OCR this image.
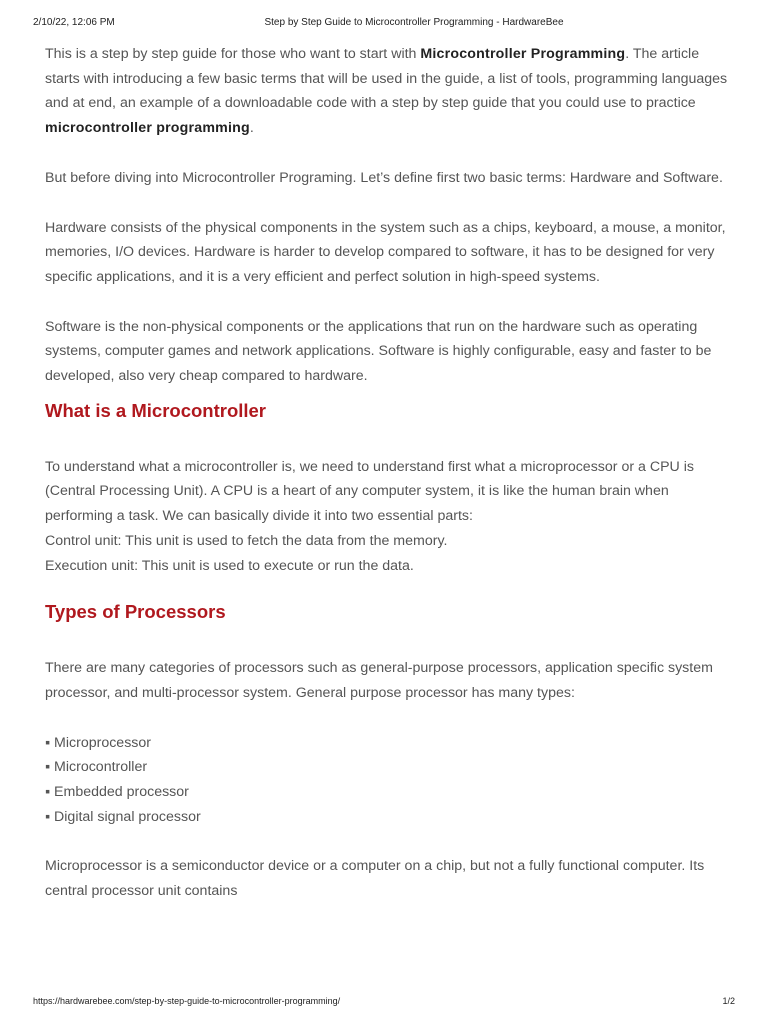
2/10/22, 12:06 PM	Step by Step Guide to Microcontroller Programming - HardwareBee

This is a step by step guide for those who want to start with Microcontroller Programming. The article starts with introducing a few basic terms that will be used in the guide, a list of tools, programming languages and at end, an example of a downloadable code with a step by step guide that you could use to practice microcontroller programming.

But before diving into Microcontroller Programing. Let’s define first two basic terms: Hardware and Software.

Hardware consists of the physical components in the system such as a chips, keyboard, a mouse, a monitor, memories, I/O devices. Hardware is harder to develop compared to software, it has to be designed for very specific applications, and it is a very efficient and perfect solution in high-speed systems.

Software is the non-physical components or the applications that run on the hardware such as operating systems, computer games and network applications. Software is highly configurable, easy and faster to be developed, also very cheap compared to hardware.

What is a Microcontroller

To understand what a microcontroller is, we need to understand first what a microprocessor or a CPU is (Central Processing Unit). A CPU is a heart of any computer system, it is like the human brain when performing a task. We can basically divide it into two essential parts:

Control unit: This unit is used to fetch the data from the memory.

Execution unit: This unit is used to execute or run the data.

Types of Processors

There are many categories of processors such as general-purpose processors, application specific system processor, and multi-processor system. General purpose processor has many types:

▪ Microprocessor
▪ Microcontroller
▪ Embedded processor
▪ Digital signal processor

Microprocessor is a semiconductor device or a computer on a chip, but not a fully functional computer. Its central processor unit contains

https://hardwarebee.com/step-by-step-guide-to-microcontroller-programming/	1/2
